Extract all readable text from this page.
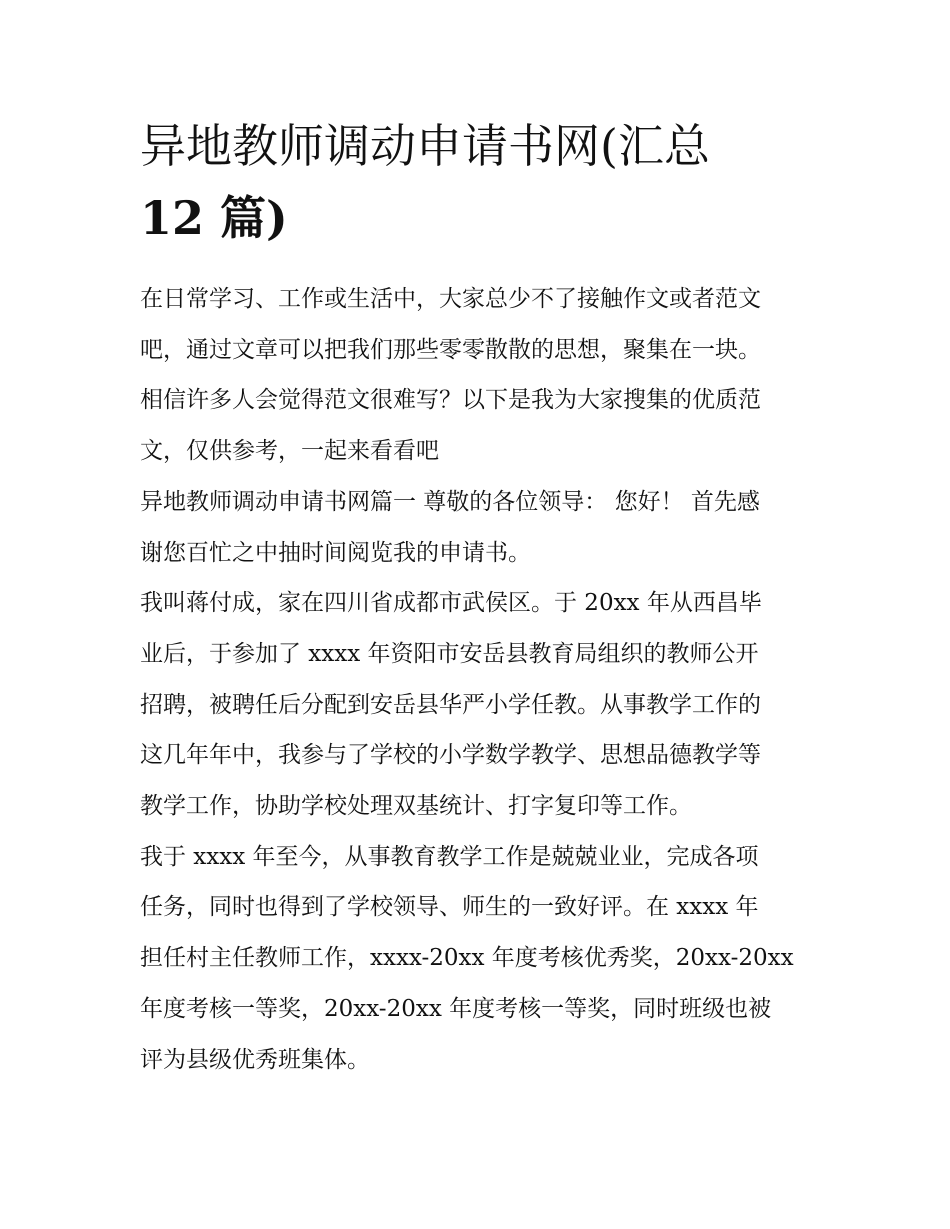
异地教师调动申请书网(汇总
12 篇)

在日常学习、工作或生活中，大家总少不了接触作文或者范文
吧，通过文章可以把我们那些零零散散的思想，聚集在一块。
相信许多人会觉得范文很难写？以下是我为大家搜集的优质范
文，仅供参考，一起来看看吧

异地教师调动申请书网篇一 尊敬的各位领导： 您好！ 首先感
谢您百忙之中抽时间阅览我的申请书。

我叫蒋付成，家在四川省成都市武侯区。于 20xx 年从西昌毕
业后，于参加了 xxxx 年资阳市安岳县教育局组织的教师公开
招聘，被聘任后分配到安岳县华严小学任教。从事教学工作的
这几年年中，我参与了学校的小学数学教学、思想品德教学等
教学工作，协助学校处理双基统计、打字复印等工作。

我于 xxxx 年至今，从事教育教学工作是兢兢业业，完成各项
任务，同时也得到了学校领导、师生的一致好评。在 xxxx 年
担任村主任教师工作，xxxx-20xx 年度考核优秀奖，20xx-20xx
年度考核一等奖，20xx-20xx 年度考核一等奖，同时班级也被
评为县级优秀班集体。
